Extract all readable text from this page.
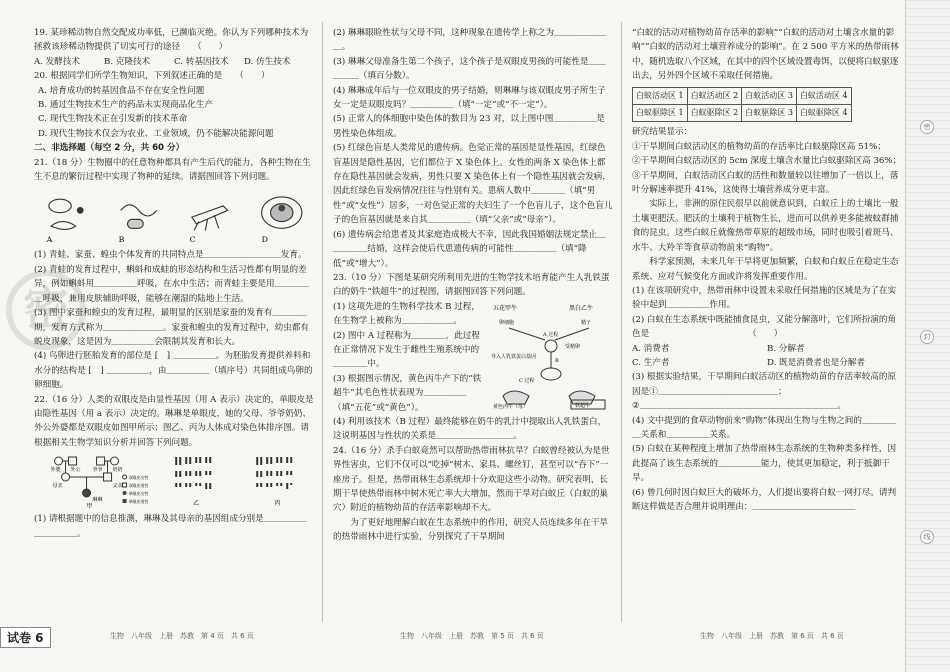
密
密
封
线

19. 某珍稀动物自然交配成功率低，已濒临灭绝。你认为下列哪种技术为拯救该珍稀动物提供了切实可行的途径　　（　　）

A. 发酵技术	B. 克隆技术	C. 转基因技术	D. 仿生技术

20. 根据同学们所学生物知识，下列叙述正确的是　　（　　）

A. 培育成功的转基因食品不存在安全性问题

B. 通过生物技术生产的药品未实现商品化生产

C. 现代生物技术正在引发新的技术革命

D. 现代生物技术仅会为农业、工业领域，仍不能解决能源问题

二、非选择题（每空 2 分，共 60 分）

21.（18 分）生物圈中的任意物种都具有产生后代的能力，各种生物在生生不息的繁衍过程中实现了物种的延续。请据图回答下列问题。

A	B	C	D

(1) 青蛙、家蚕、蝗虫个体发育的共同特点是＿＿＿＿＿＿＿＿＿发育。

(2) 青蛙的发育过程中，蝌蚪和成蛙的形态结构和生活习性都有明显的差异，例如蝌蚪用＿＿＿＿＿呼吸，在水中生活；而青蛙主要是用＿＿＿＿＿呼吸，兼用皮肤辅助呼吸，能够在潮湿的陆地上生活。

(3) 图中家蚕和蝗虫的发育过程，最明显的区别是家蚕的发育有＿＿＿＿期，发育方式称为＿＿＿＿＿＿＿。家蚕和蝗虫的发育过程中，幼虫都有蜕皮现象，这是因为＿＿＿＿＿会限制其发育和长大。

(4) 鸟卵进行胚胎发育的部位是 [　] ＿＿＿＿＿。为胚胎发育提供养料和水分的结构是 [　] ＿＿＿＿＿，由＿＿＿＿＿（填序号）共同组成鸟卵的卵细胞。

22.（16 分）人类的双眼皮是由显性基因（用 A 表示）决定的，单眼皮是由隐性基因（用 a 表示）决定的。琳琳是单眼皮，她的父母、爷爷奶奶、外公外婆都是双眼皮如图甲所示；图乙、丙为人体成对染色体排序图。请根据相关生物学知识分析并回答下列问题。

外婆 外公 爷爷 奶奶
母亲	父亲
琳琳
双眼皮女性
双眼皮男性
单眼皮女性
单眼皮男性
甲	乙	丙

(1) 请根据题中的信息推测，琳琳及其母亲的基因组成分别是＿＿＿＿＿＿＿＿＿＿。

(2) 琳琳眼睑性状与父母不同，这种现象在遗传学上称之为＿＿＿＿＿＿＿。

(3) 琳琳父母准备生第二个孩子，这个孩子是双眼皮男孩的可能性是＿＿＿＿＿（填百分数）。

(4) 琳琳成年后与一位双眼皮的男子结婚，则琳琳与该双眼皮男子所生子女一定是双眼皮吗？＿＿＿＿＿（填“一定”或“不一定”）。

(5) 正常人的体细胞中染色体的数目为 23 对，以上图中图＿＿＿＿＿是男性染色体组成。

(5) 红绿色盲是人类常见的遗传病。色觉正常的基因是显性基因，红绿色盲基因是隐性基因，它们都位于 X 染色体上。女性的两条 X 染色体上都存在隐性基因就会发病，男性只要 X 染色体上有一个隐性基因就会发病，因此红绿色盲发病情况往往与性别有关。患病人数中＿＿＿＿（填“男性”或“女性”）居多，一对色觉正常的夫妇生了一个色盲儿子，这个色盲儿子的色盲基因就是来自其＿＿＿＿＿（填“父亲”或“母亲”）。

(6) 遗传病会给患者及其家庭造成极大不幸，因此我国婚姻法规定禁止＿＿＿＿＿结婚，这样会使后代患遗传病的可能性＿＿＿＿＿（填“降低”或“增大”）。

23.（10 分）下图是某研究所利用先进的生物学技术培育能产生人乳铁蛋白的奶牛“铁超牛”的过程图，请据图回答下列问题。

五花甲牛	黑白乙牛
卵细胞	精子
A 过程
受精卵
导入人乳铁蛋白基因
B
C 过程
黄色丙牛（母）	铁超牛

(1) 这项先进的生物科学技术 B 过程，在生物学上被称为＿＿＿＿＿＿。

(2) 图中 A 过程称为＿＿＿＿，此过程在正常情况下发生于雌性生殖系统中的＿＿＿＿中。

(3) 根据图示情况，黄色丙牛产下的“铁超牛”其毛色性状表现为＿＿＿＿＿（填“五花”或“黄色”）。

(4) 利用该技术（B 过程）最终能够在奶牛的乳汁中提取出人乳铁蛋白，这说明基因与性状的关系是＿＿＿＿＿＿＿＿＿。

24.（16 分）杀手白蚁竟然可以帮助热带雨林抗旱？白蚁曾经被认为是世界性害虫，它们不仅可以“吃掉”树木、家具、螺丝钉，甚至可以“吞下”一座房子。但是，热带雨林生态系统却十分欢迎这些小动物。研究表明，长期干旱使热带雨林中树木死亡率大大增加，然而干旱对白蚁丘（白蚁的巢穴）附近的植物幼苗的存活率影响却不大。

为了更好地理解白蚁在生态系统中的作用，研究人员连续多年在干旱的热带雨林中进行实验，分别探究了干旱期间

“白蚁的活动对植物幼苗存活率的影响”“白蚁的活动对土壤含水量的影响”“白蚁的活动对土壤营养成分的影响”。在 2 500 平方米的热带雨林中，随机选取八个区域，在其中的四个区域设置毒饵，以便将白蚁驱逐出去，另外四个区域不采取任何措施。

白蚁活动区 1	白蚁活动区 2	白蚁活动区 3	白蚁活动区 4
白蚁驱除区 1	白蚁驱除区 2	白蚁驱除区 3	白蚁驱除区 4

研究结果显示：

①干旱期间白蚁活动区的植物幼苗的存活率比白蚁驱除区高 51%；

②干旱期间白蚁活动区的 5cm 深度土壤含水量比白蚁驱除区高 36%；

③干旱期间，白蚁活动区白蚁的活性和数量较以往增加了一倍以上，落叶分解速率提升 41%，这使得土壤营养成分更丰富。

实际上，非洲的原住民很早以前就意识到，白蚁丘上的土壤比一般土壤更肥沃。肥沃的土壤利于植物生长，进而可以供养更多能被蚊群捕食的昆虫。这些白蚁丘就像热带草原的超级市场，同时也吸引着斑马、水牛、大羚羊等食草动物前来“购物”。

科学家预测，未来几年干旱将更加频繁，白蚁和白蚁丘在稳定生态系统、应对气候变化方面或许将发挥重要作用。

(1) 在该项研究中，热带雨林中设置未采取任何措施的区域是为了在实验中起到＿＿＿＿＿作用。

(2) 白蚁在生态系统中既能捕食昆虫，又能分解落叶，它们所扮演的角色是　　　　　　　　　　　　（　　）

A. 消费者	B. 分解者
C. 生产者	D. 既是消费者也是分解者

(3) 根据实验结果，干旱期间白蚁活动区的植物幼苗的存活率较高的原因是①＿＿＿＿＿＿＿＿＿＿＿＿＿＿；

②＿＿＿＿＿＿＿＿＿＿＿＿＿＿＿＿＿＿＿＿＿＿＿。

(4) 文中提到的食草动物前来“购物”体现出生物与生物之间的＿＿＿＿＿关系和＿＿＿＿＿关系。

(5) 白蚁在某种程度上增加了热带雨林生态系统的生物种类多样性，因此提高了该生态系统的＿＿＿＿＿能力，使其更加稳定，利于抵御干旱。

(6) 曾几何时因白蚁巨大的破坏力，人们提出要将白蚁一网打尽。请判断这样做是否合理并说明理由：＿＿＿＿＿＿＿＿＿＿＿＿

试卷 6	生物　八年级　上册　苏教　第 4 页　共 6 页	生物　八年级　上册　苏教　第 5 页　共 6 页	生物　八年级　上册　苏教　第 6 页　共 6 页
